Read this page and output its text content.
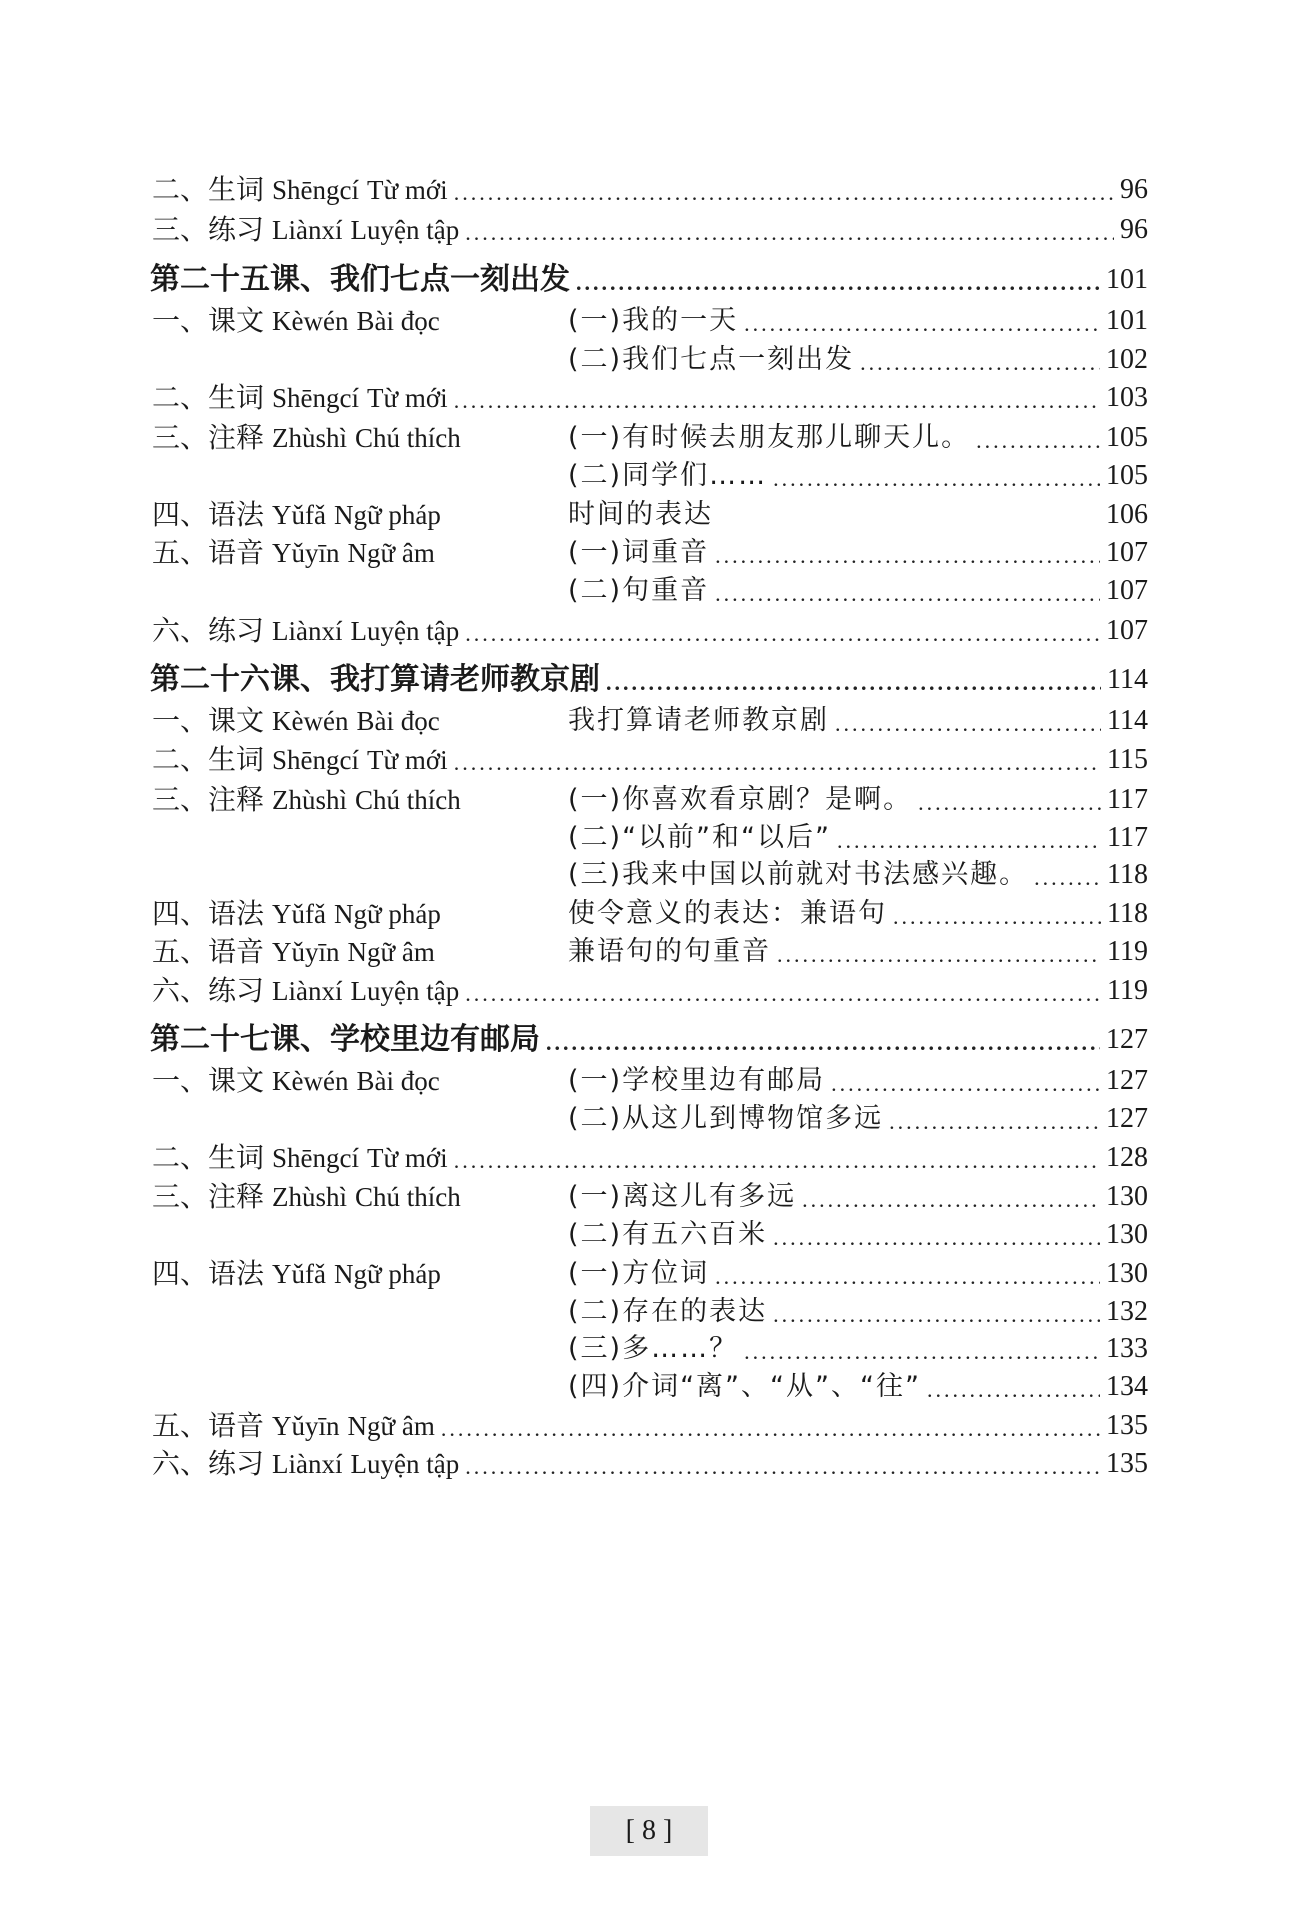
二、生词 Shēngcí Từ mới .....	96
三、练习 Liànxí Luyện tập .....	96
第二十五课、我们七点一刻出发 .....	101
一、课文 Kèwén Bài đọc	(一)我的一天 .....	101
(二)我们七点一刻出发 .....	102
二、生词 Shēngcí Từ mới .....	103
三、注释 Zhùshì Chú thích	(一)有时候去朋友那儿聊天儿。 .....	105
(二)同学们…… .....	105
四、语法 Yǔfǎ Ngữ pháp	时间的表达	106
五、语音 Yǔyīn Ngữ âm	(一)词重音 .....	107
(二)句重音 .....	107
六、练习 Liànxí Luyện tập .....	107
第二十六课、我打算请老师教京剧 .....	114
一、课文 Kèwén Bài đọc	我打算请老师教京剧 .....	114
二、生词 Shēngcí Từ mới .....	115
三、注释 Zhùshì Chú thích	(一)你喜欢看京剧？是啊。 .....	117
(二)“以前”和“以后” .....	117
(三)我来中国以前就对书法感兴趣。 .....	118
四、语法 Yǔfǎ Ngữ pháp	使令意义的表达：兼语句 .....	118
五、语音 Yǔyīn Ngữ âm	兼语句的句重音 .....	119
六、练习 Liànxí Luyện tập .....	119
第二十七课、学校里边有邮局 .....	127
一、课文 Kèwén Bài đọc	(一)学校里边有邮局 .....	127
(二)从这儿到博物馆多远 .....	127
二、生词 Shēngcí Từ mới .....	128
三、注释 Zhùshì Chú thích	(一)离这儿有多远 .....	130
(二)有五六百米 .....	130
四、语法 Yǔfǎ Ngữ pháp	(一)方位词 .....	130
(二)存在的表达 .....	132
(三)多……？ .....	133
(四)介词“离”、“从”、“往” .....	134
五、语音 Yǔyīn Ngữ âm .....	135
六、练习 Liànxí Luyện tập .....	135
[ 8 ]
